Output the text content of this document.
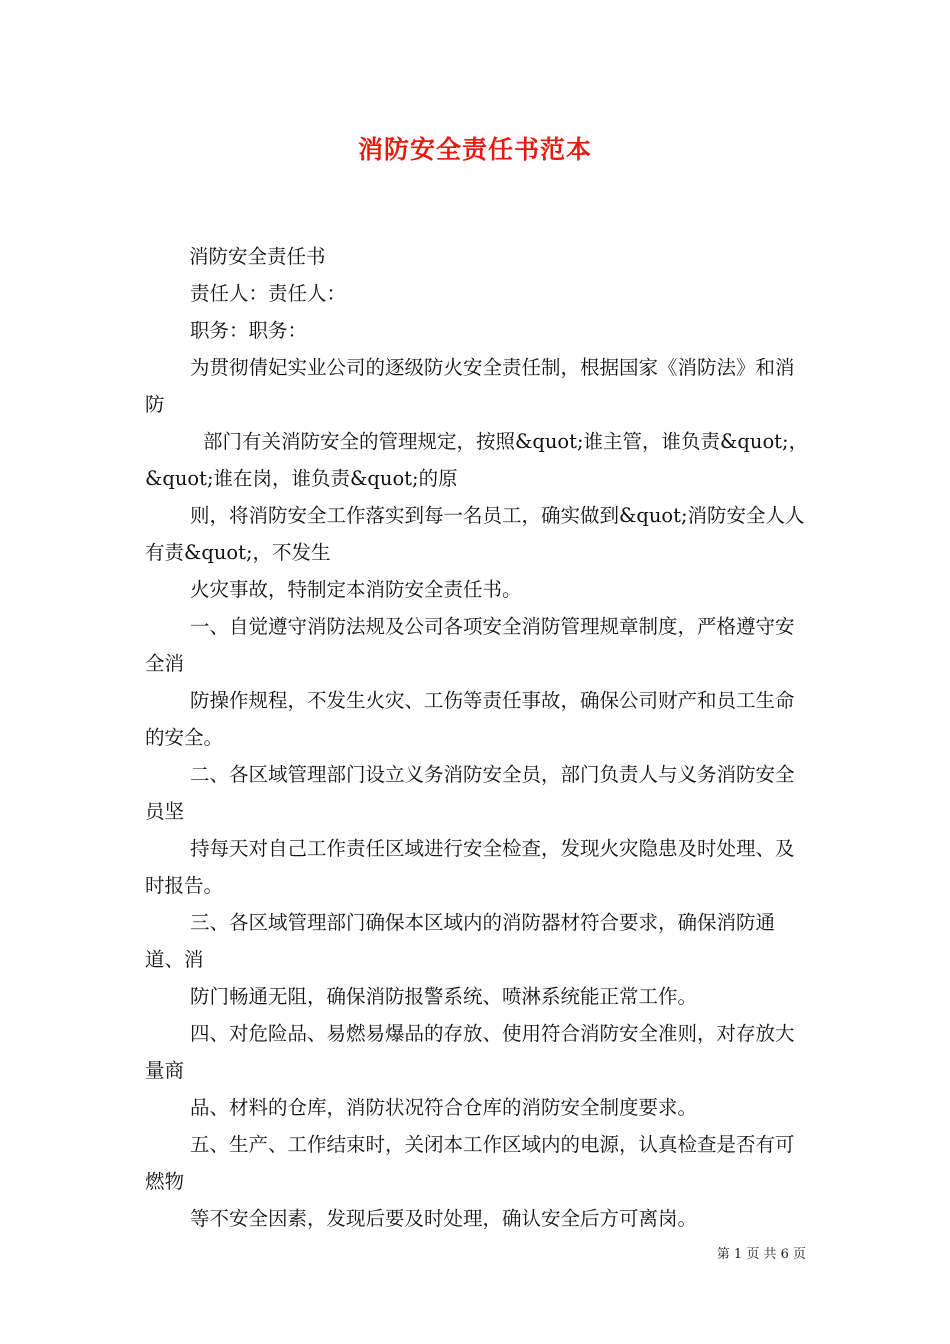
消防安全责任书范本

消防安全责任书

责任人：责任人：

职务：职务：

为贯彻倩妃实业公司的逐级防火安全责任制，根据国家《消防法》和消防

部门有关消防安全的管理规定，按照&quot;谁主管，谁负责&quot;，&quot;谁在岗，谁负责&quot;的原

则，将消防安全工作落实到每一名员工，确实做到&quot;消防安全人人有责&quot;，不发生

火灾事故，特制定本消防安全责任书。

一、自觉遵守消防法规及公司各项安全消防管理规章制度，严格遵守安全消

防操作规程，不发生火灾、工伤等责任事故，确保公司财产和员工生命的安全。

二、各区域管理部门设立义务消防安全员，部门负责人与义务消防安全员坚

持每天对自己工作责任区域进行安全检查，发现火灾隐患及时处理、及时报告。

三、各区域管理部门确保本区域内的消防器材符合要求，确保消防通道、消

防门畅通无阻，确保消防报警系统、喷淋系统能正常工作。

四、对危险品、易燃易爆品的存放、使用符合消防安全准则，对存放大量商

品、材料的仓库，消防状况符合仓库的消防安全制度要求。

五、生产、工作结束时，关闭本工作区域内的电源，认真检查是否有可燃物

等不安全因素，发现后要及时处理，确认安全后方可离岗。

第 1 页 共 6 页
